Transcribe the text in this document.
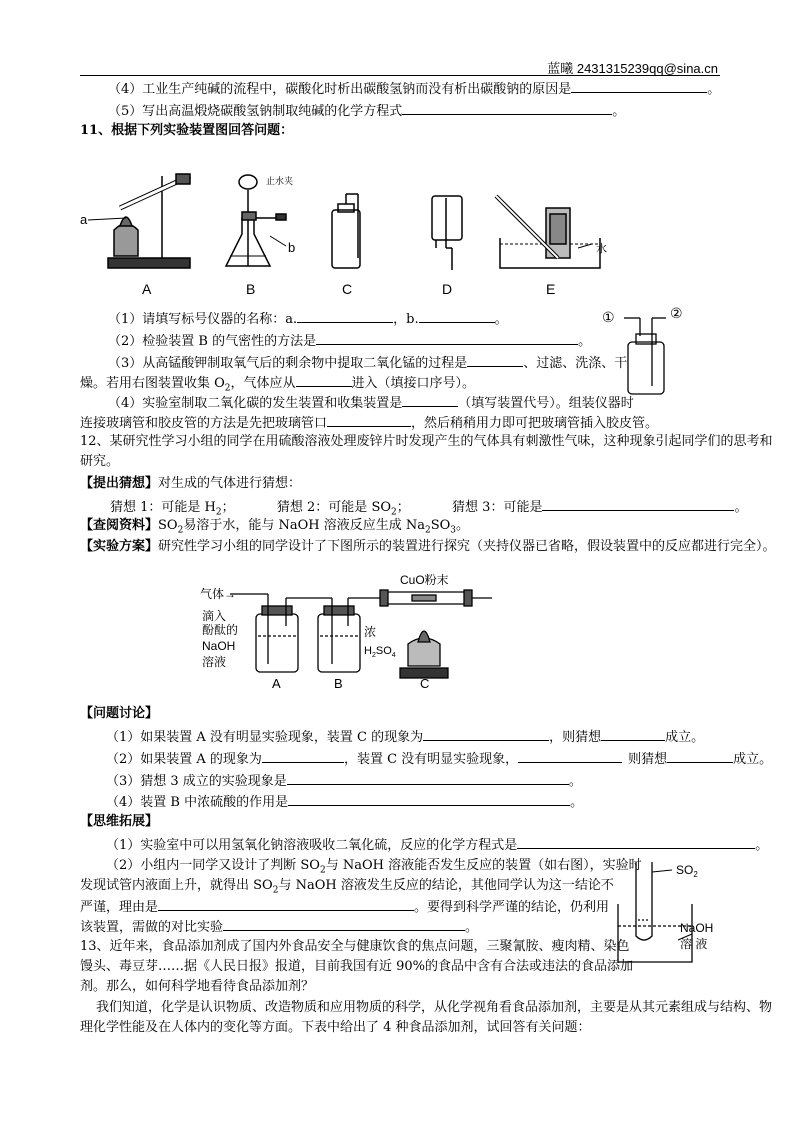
蓝曦 2431315239qq@sina.cn
（4）工业生产纯碱的流程中，碳酸化时析出碳酸氢钠而没有析出碳酸钠的原因是	。
（5）写出高温煅烧碳酸氢钠制取纯碱的化学方程式	。
11、根据下列实验装置图回答问题：
a
止水夹
b	水
A	B	C	D	E
①	②
（1）请填写标号仪器的名称：a.	，b.	。
（2）检验装置 B 的气密性的方法是	。
（3）从高锰酸钾制取氧气后的剩余物中提取二氧化锰的过程是	、过滤、洗涤、干
燥。若用右图装置收集 $O_2$，气体应从	进入（填接口序号）。
（4）实验室制取二氧化碳的发生装置和收集装置是	（填写装置代号）。组装仪器时
连接玻璃管和胶皮管的方法是先把玻璃管口	，然后稍稍用力即可把玻璃管插入胶皮管。
12、某研究性学习小组的同学在用硫酸溶液处理废锌片时发现产生的气体具有刺激性气味，这种现象引起同学们的思考和
研究。
【提出猜想】对生成的气体进行猜想：
猜想 1：可能是 $H_2$；	猜想 2：可能是 $SO_2$；	猜想 3：可能是	。
【查阅资料】$SO_2$易溶于水，能与 NaOH 溶液反应生成 $Na_2SO_3$。
【实验方案】研究性学习小组的同学设计了下图所示的装置进行探究（夹持仪器已省略，假设装置中的反应都进行完全）。
气体→
CuO粉末
滴入
酚酞的
NaOH
溶液
浓
$H_2SO_4$
A	B	C
【问题讨论】
（1）如果装置 A 没有明显实验现象，装置 C 的现象为	，则猜想	成立。
（2）如果装置 A 的现象为	，装置 C 没有明显实验现象，	则猜想	成立。
（3）猜想 3 成立的实验现象是	。
（4）装置 B 中浓硫酸的作用是	。
【思维拓展】
（1）实验室中可以用氢氧化钠溶液吸收二氧化硫，反应的化学方程式是	。
（2）小组内一同学又设计了判断 $SO_2$与 NaOH 溶液能否发生反应的装置（如右图），实验时
发现试管内液面上升，就得出 $SO_2$与 NaOH 溶液发生反应的结论，其他同学认为这一结论不
严谨，理由是	。要得到科学严谨的结论，仍利用
该装置，需做的对比实验	。
$SO_2$
NaOH
溶 液
13、近年来，食品添加剂成了国内外食品安全与健康饮食的焦点问题，三聚氰胺、瘦肉精、染色
馒头、毒豆芽……据《人民日报》报道，目前我国有近 90%的食品中含有合法或违法的食品添加
剂。那么，如何科学地看待食品添加剂？
我们知道，化学是认识物质、改造物质和应用物质的科学，从化学视角看食品添加剂，主要是从其元素组成与结构、物
理化学性能及在人体内的变化等方面。下表中给出了 4 种食品添加剂，试回答有关问题：
